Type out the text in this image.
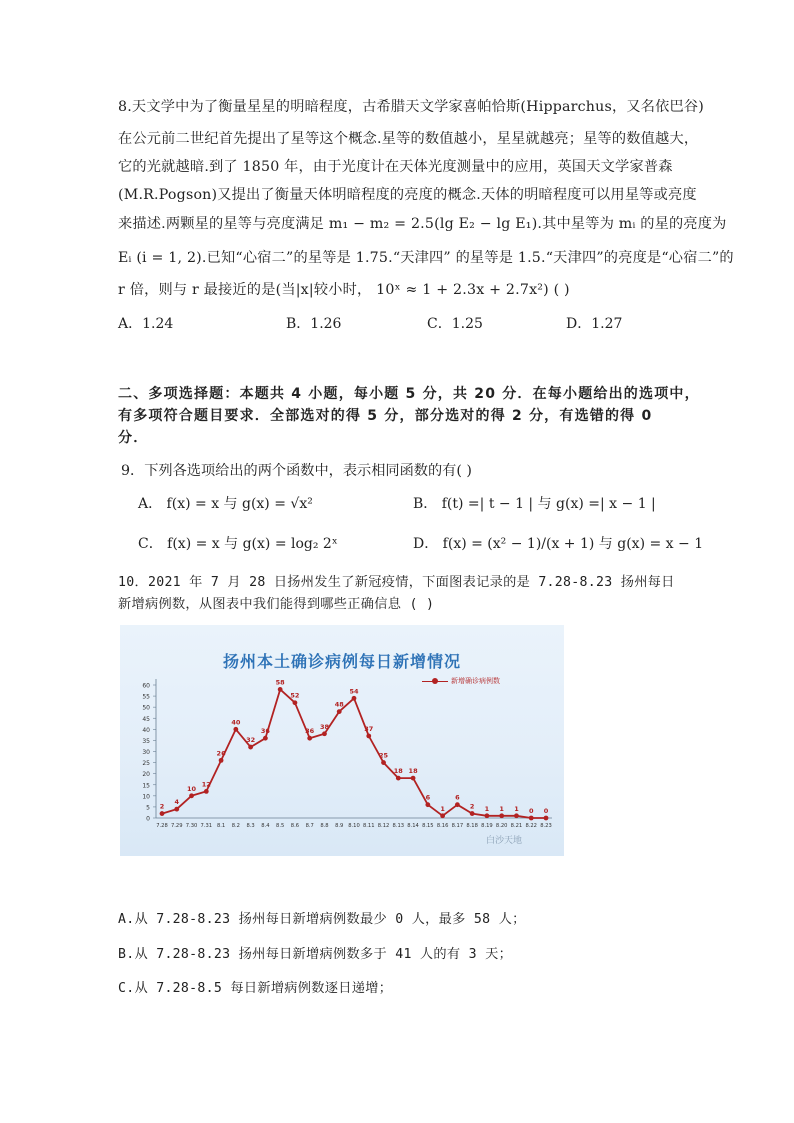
8.天文学中为了衡量星星的明暗程度，古希腊天文学家喜帕恰斯(Hipparchus，又名依巴谷)
在公元前二世纪首先提出了星等这个概念.星等的数值越小，星星就越亮；星等的数值越大，
它的光就越暗.到了 1850 年，由于光度计在天体光度测量中的应用，英国天文学家普森
(M.R.Pogson)又提出了衡量天体明暗程度的亮度的概念.天体的明暗程度可以用星等或亮度
来描述.两颗星的星等与亮度满足 m₁ − m₂ = 2.5(lg E₂ − lg E₁).其中星等为 mᵢ 的星的亮度为
Eᵢ (i = 1, 2).已知“心宿二”的星等是 1.75.“天津四” 的星等是 1.5.“天津四”的亮度是“心宿二”的
r 倍，则与 r 最接近的是(当|x|较小时， 10ˣ ≈ 1 + 2.3x + 2.7x²) ( )
A．1.24	B．1.26	C．1.25	D．1.27
二、多项选择题：本题共 4 小题，每小题 5 分，共 20 分．在每小题给出的选项中，
有多项符合题目要求．全部选对的得 5 分，部分选对的得 2 分，有选错的得 0
分．
9．下列各选项给出的两个函数中，表示相同函数的有( )
A． f(x) = x 与 g(x) = √x²	B． f(t) =| t − 1 | 与 g(x) =| x − 1 |
C． f(x) = x 与 g(x) = log₂ 2ˣ	D． f(x) = (x² − 1)/(x + 1) 与 g(x) = x − 1
10．2021 年 7 月 28 日扬州发生了新冠疫情，下面图表记录的是 7.28-8.23 扬州每日
新增病例数，从图表中我们能得到哪些正确信息 ( )
0
5
10
15
20
25
30
35
40
45
50
55
60
7.28 7.29 7.30 7.31 8.1 8.2 8.3 8.4 8.5 8.6 8.7 8.8 8.9 8.10 8.11 8.12 8.13 8.14 8.15 8.16 8.17 8.18 8.19 8.20 8.21 8.22 8.23
2
4
10
12
26
40
32
36
58
52
36
38
48
54
37
25
18 18
6
1
6
2 1 1 1 0 0
扬州本土确诊病例每日新增情况
新增确诊病例数
白沙天地
A.从 7.28-8.23 扬州每日新增病例数最少 0 人，最多 58 人；
B.从 7.28-8.23 扬州每日新增病例数多于 41 人的有 3 天；
C.从 7.28-8.5 每日新增病例数逐日递增；
